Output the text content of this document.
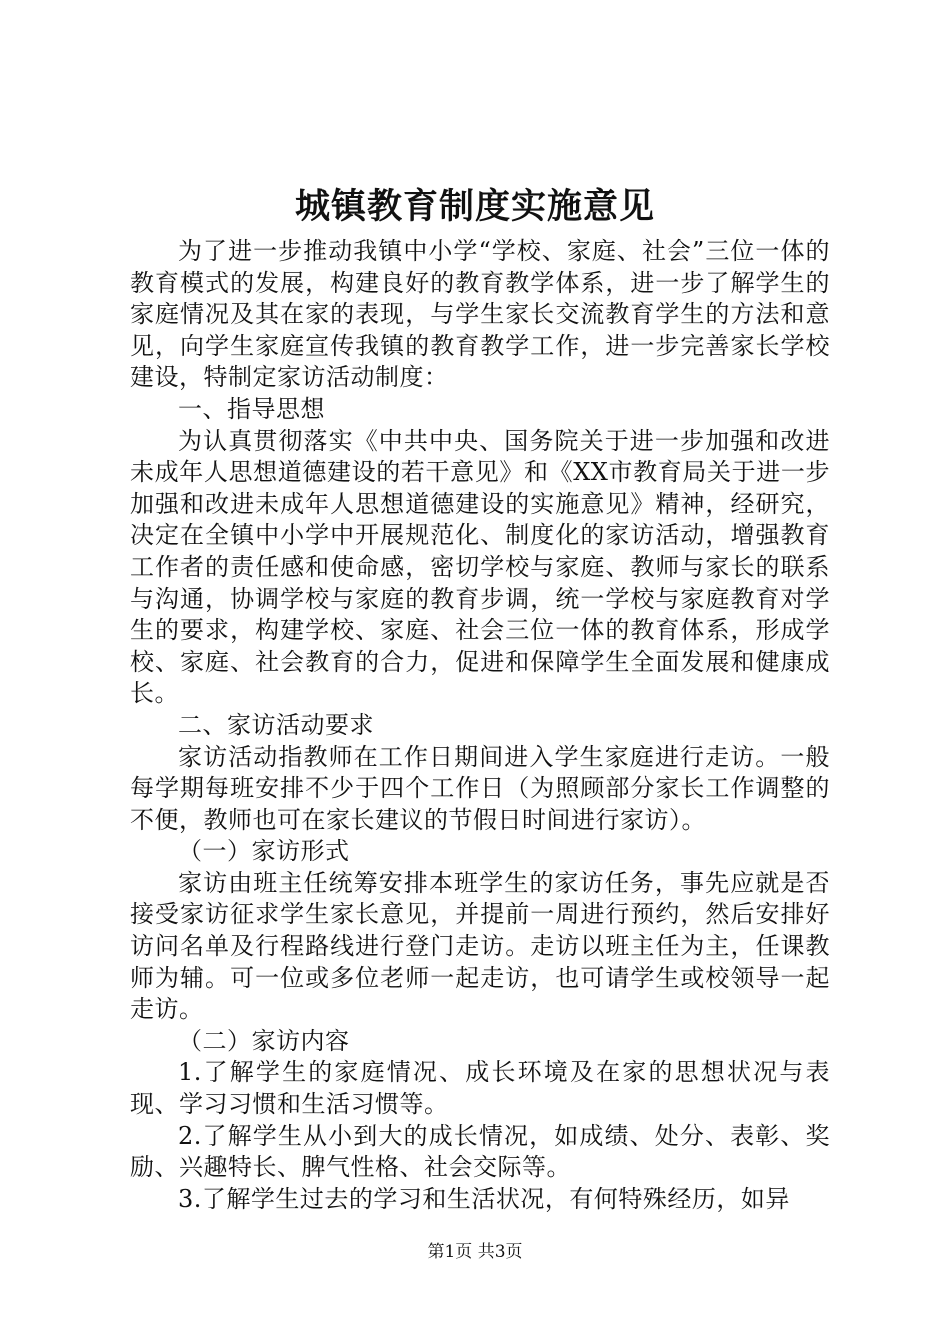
城镇教育制度实施意见

为了进一步推动我镇中小学“学校、家庭、社会”三位一体的教育模式的发展，构建良好的教育教学体系，进一步了解学生的家庭情况及其在家的表现，与学生家长交流教育学生的方法和意见，向学生家庭宣传我镇的教育教学工作，进一步完善家长学校建设，特制定家访活动制度：

一、指导思想

为认真贯彻落实《中共中央、国务院关于进一步加强和改进未成年人思想道德建设的若干意见》和《XX市教育局关于进一步加强和改进未成年人思想道德建设的实施意见》精神，经研究，决定在全镇中小学中开展规范化、制度化的家访活动，增强教育工作者的责任感和使命感，密切学校与家庭、教师与家长的联系与沟通，协调学校与家庭的教育步调，统一学校与家庭教育对学生的要求，构建学校、家庭、社会三位一体的教育体系，形成学校、家庭、社会教育的合力，促进和保障学生全面发展和健康成长。

二、家访活动要求

家访活动指教师在工作日期间进入学生家庭进行走访。一般每学期每班安排不少于四个工作日（为照顾部分家长工作调整的不便，教师也可在家长建议的节假日时间进行家访）。

（一）家访形式

家访由班主任统筹安排本班学生的家访任务，事先应就是否接受家访征求学生家长意见，并提前一周进行预约，然后安排好访问名单及行程路线进行登门走访。走访以班主任为主，任课教师为辅。可一位或多位老师一起走访，也可请学生或校领导一起走访。

（二）家访内容

1.了解学生的家庭情况、成长环境及在家的思想状况与表现、学习习惯和生活习惯等。

2.了解学生从小到大的成长情况，如成绩、处分、表彰、奖励、兴趣特长、脾气性格、社会交际等。

3.了解学生过去的学习和生活状况，有何特殊经历，如异

第1页 共3页
